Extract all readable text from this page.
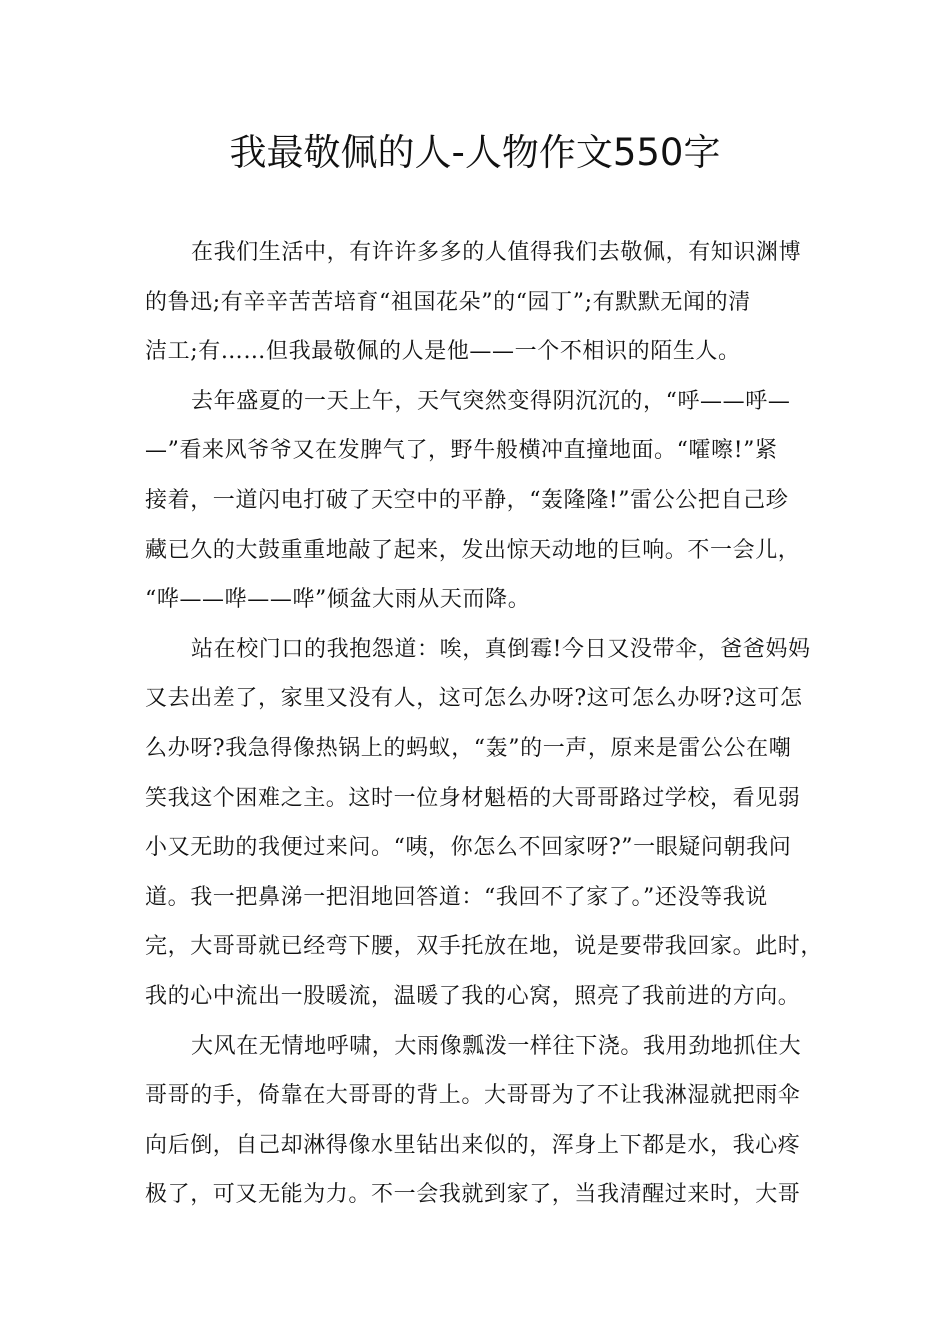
我最敬佩的人-人物作文550字
在我们生活中，有许许多多的人值得我们去敬佩，有知识渊博
的鲁迅;有辛辛苦苦培育“祖国花朵”的“园丁”;有默默无闻的清
洁工;有……但我最敬佩的人是他——一个不相识的陌生人。
去年盛夏的一天上午，天气突然变得阴沉沉的，“呼——呼—
—”看来风爷爷又在发脾气了，野牛般横冲直撞地面。“嚯嚓!”紧
接着，一道闪电打破了天空中的平静，“轰隆隆!”雷公公把自己珍
藏已久的大鼓重重地敲了起来，发出惊天动地的巨响。不一会儿，
“哗——哗——哗”倾盆大雨从天而降。
站在校门口的我抱怨道：唉，真倒霉!今日又没带伞，爸爸妈妈
又去出差了，家里又没有人，这可怎么办呀?这可怎么办呀?这可怎
么办呀?我急得像热锅上的蚂蚁，“轰”的一声，原来是雷公公在嘲
笑我这个困难之主。这时一位身材魁梧的大哥哥路过学校，看见弱
小又无助的我便过来问。“咦，你怎么不回家呀?”一眼疑问朝我问
道。我一把鼻涕一把泪地回答道：“我回不了家了。”还没等我说
完，大哥哥就已经弯下腰，双手托放在地，说是要带我回家。此时，
我的心中流出一股暖流，温暖了我的心窝，照亮了我前进的方向。
大风在无情地呼啸，大雨像瓢泼一样往下浇。我用劲地抓住大
哥哥的手，倚靠在大哥哥的背上。大哥哥为了不让我淋湿就把雨伞
向后倒，自己却淋得像水里钻出来似的，浑身上下都是水，我心疼
极了，可又无能为力。不一会我就到家了，当我清醒过来时，大哥
